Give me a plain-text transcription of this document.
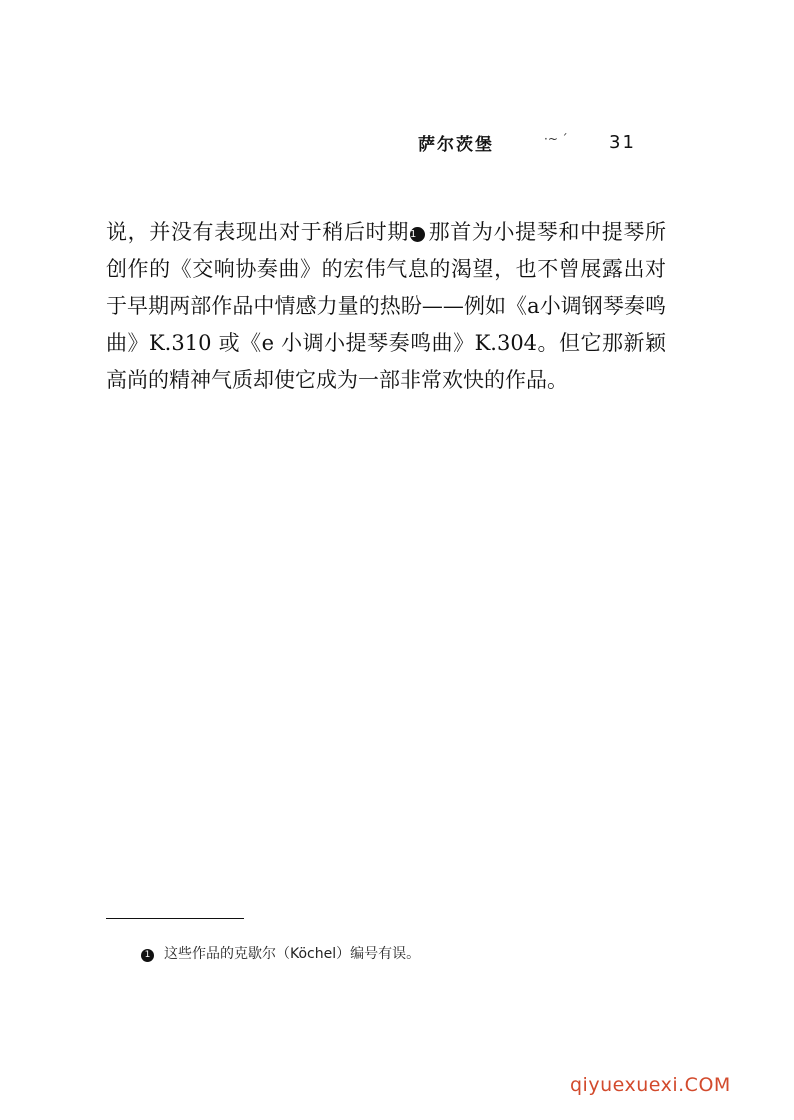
萨尔茨堡	·~ ´ 31
说，并没有表现出对于稍后时期1 那首为小提琴和中提琴所创作的《交响协奏曲》的宏伟气息的渴望，也不曾展露出对于早期两部作品中情感力量的热盼——例如《a小调钢琴奏鸣曲》K.310 或《e 小调小提琴奏鸣曲》K.304。但它那新颖高尚的精神气质却使它成为一部非常欢快的作品。
1 这些作品的克歇尔（Köchel）编号有误。
qiyuexuexi.COM
